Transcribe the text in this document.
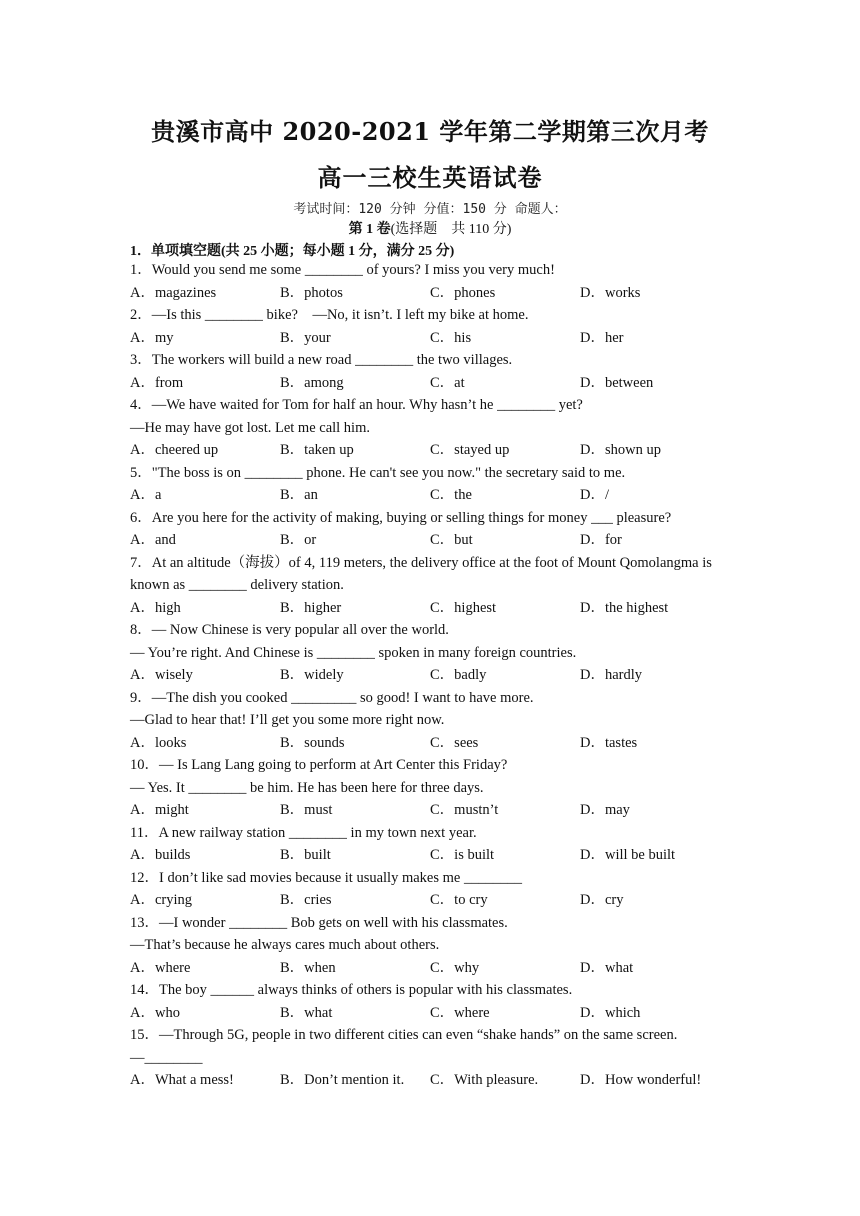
贵溪市高中 2020-2021 学年第二学期第三次月考
高一三校生英语试卷
考试时间：120 分钟 分值：150 分 命题人：
第 1 卷(选择题　共 110 分)
1．单项填空题(共 25 小题；每小题 1 分，满分 25 分)
1．Would you send me some ________ of yours? I miss you very much!
A．magazines	B．photos	C．phones	D．works
2．—Is this ________ bike?　—No, it isn’t. I left my bike at home.
A．my	B．your	C．his	D．her
3．The workers will build a new road ________ the two villages.
A．from	B．among	C．at	D．between
4．—We have waited for Tom for half an hour. Why hasn’t he ________ yet?
—He may have got lost. Let me call him.
A．cheered up	B．taken up	C．stayed up	D．shown up
5．"The boss is on ________ phone. He can't see you now." the secretary said to me.
A．a	B．an	C．the	D．/
6．Are you here for the activity of making, buying or selling things for money ___ pleasure?
A．and	B．or	C．but	D．for
7．At an altitude（海拔）of 4, 119 meters, the delivery office at the foot of Mount Qomolangma is
known as ________ delivery station.
A．high	B．higher	C．highest	D．the highest
8．— Now Chinese is very popular all over the world.
— You’re right. And Chinese is ________ spoken in many foreign countries.
A．wisely	B．widely	C．badly	D．hardly
9．—The dish you cooked _________ so good! I want to have more.
—Glad to hear that! I’ll get you some more right now.
A．looks	B．sounds	C．sees	D．tastes
10．— Is Lang Lang going to perform at Art Center this Friday?
— Yes. It ________ be him. He has been here for three days.
A．might	B．must	C．mustn’t	D．may
11．A new railway station ________ in my town next year.
A．builds	B．built	C．is built	D．will be built
12．I don’t like sad movies because it usually makes me ________
A．crying	B．cries	C．to cry	D．cry
13．—I wonder ________ Bob gets on well with his classmates.
—That’s because he always cares much about others.
A．where	B．when	C．why	D．what
14．The boy ______ always thinks of others is popular with his classmates.
A．who	B．what	C．where	D．which
15．—Through 5G, people in two different cities can even “shake hands” on the same screen.
—________
A．What a mess!	B．Don’t mention it.	C．With pleasure.	D．How wonderful!
